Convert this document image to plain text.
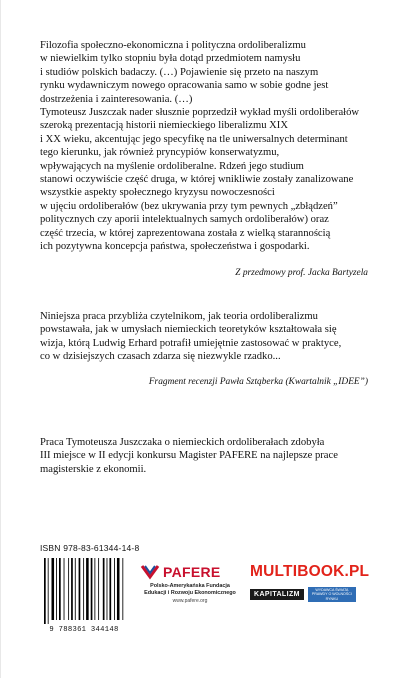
Filozofia społeczno-ekonomiczna i polityczna ordoliberalizmu

w niewielkim tylko stopniu była dotąd przedmiotem namysłu

i studiów polskich badaczy. (…) Pojawienie się przeto na naszym

rynku wydawniczym nowego opracowania samo w sobie godne jest

dostrzeżenia i zainteresowania. (…)

Tymoteusz Juszczak nader słusznie poprzedził wykład myśli ordoliberałów

szeroką prezentacją historii niemieckiego liberalizmu XIX

i XX wieku, akcentując jego specyfikę na tle uniwersalnych determinant

tego kierunku, jak również pryncypiów konserwatyzmu,

wpływających na myślenie ordoliberalne. Rdzeń jego studium

stanowi oczywiście część druga, w której wnikliwie zostały zanalizowane

wszystkie aspekty społecznego kryzysu nowoczesności

w ujęciu ordoliberałów (bez ukrywania przy tym pewnych „zbłądzeń”

politycznych czy aporii intelektualnych samych ordoliberałów) oraz

część trzecia, w której zaprezentowana została z wielką starannością

ich pozytywna koncepcja państwa, społeczeństwa i gospodarki.

Z przedmowy prof. Jacka Bartyzela

Niniejsza praca przybliża czytelnikom, jak teoria ordoliberalizmu

powstawała, jak w umysłach niemieckich teoretyków kształtowała się

wizja, którą Ludwig Erhard potrafił umiejętnie zastosować w praktyce,

co w dzisiejszych czasach zdarza się niezwykle rzadko...

Fragment recenzji Pawła Sztąberka (Kwartalnik „IDEE”)

Praca Tymoteusza Juszczaka o niemieckich ordoliberałach zdobyła

III miejsce w II edycji konkursu Magister PAFERE na najlepsze prace

magisterskie z ekonomii.

ISBN 978-83-61344-14-8
9 788361 344148
PAFERE
Polsko-Amerykańska Fundacja
Edukacji i Rozwoju Ekonomicznego
www.pafere.org
MULTIBOOK.PL
KAPITALIZM
WYDAWCA ŚWIATA PRAWDY O WOLNOŚCI RYNKU
